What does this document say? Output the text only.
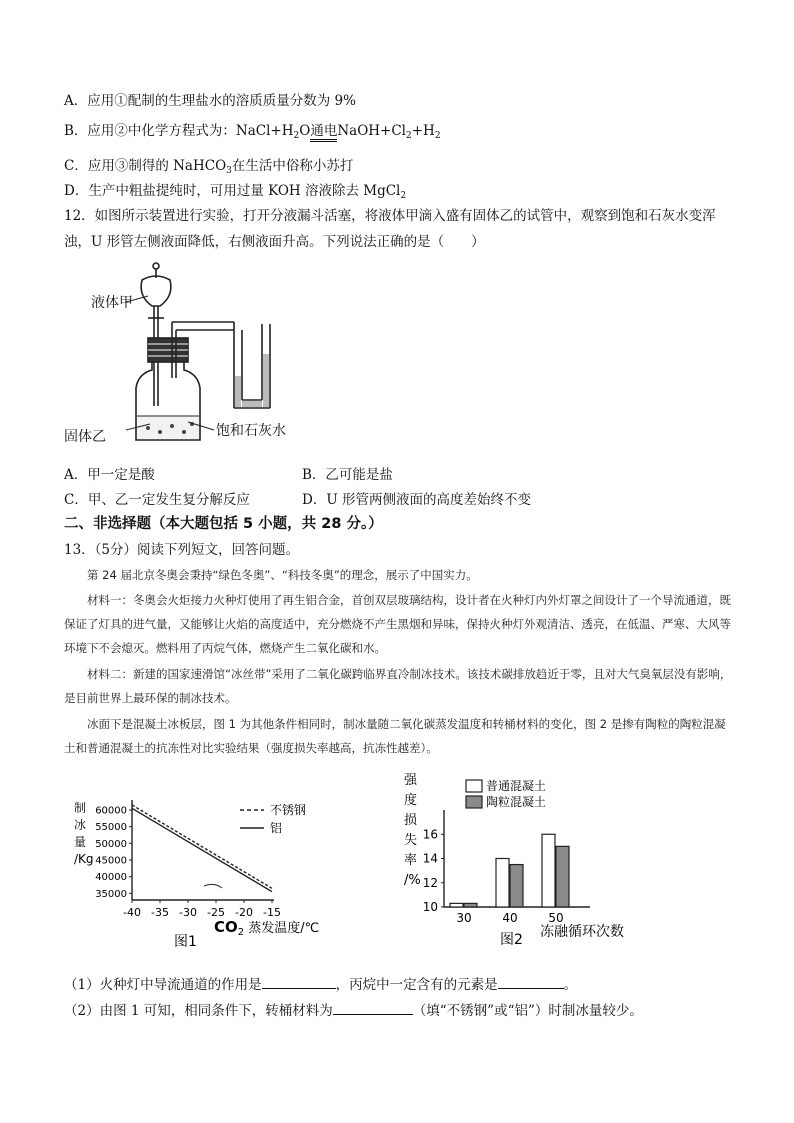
A．应用①配制的生理盐水的溶质质量分数为 9%
B．应用②中化学方程式为：$NaCl+H_2O$通电$NaOH+Cl_2+H_2$
C．应用③制得的 NaHCO$_3$在生活中俗称小苏打
D．生产中粗盐提纯时，可用过量 KOH 溶液除去 MgCl$_2$
12．如图所示装置进行实验，打开分液漏斗活塞，将液体甲滴入盛有固体乙的试管中，观察到饱和石灰水变浑
浊，U 形管左侧液面降低，右侧液面升高。下列说法正确的是（　　）
液体甲
固体乙	饱和石灰水
A．甲一定是酸	B．乙可能是盐
C．甲、乙一定发生复分解反应	D．U 形管两侧液面的高度差始终不变
二、非选择题（本大题包括 5 小题，共 28 分。）
13．（5分）阅读下列短文，回答问题。
第 24 届北京冬奥会秉持“绿色冬奥”、“科技冬奥”的理念，展示了中国实力。
材料一：冬奥会火炬接力火种灯使用了再生铝合金，首创双层玻璃结构，设计者在火种灯内外灯罩之间设计了一个导流通道，既保证了灯具的进气量，又能够让火焰的高度适中，充分燃烧不产生黑烟和异味，保持火种灯外观清洁、透亮，在低温、严寒、大风等环境下不会熄灭。燃料用了丙烷气体，燃烧产生二氧化碳和水。
材料二：新建的国家速滑馆“冰丝带”采用了二氧化碳跨临界直冷制冰技术。该技术碳排放趋近于零，且对大气臭氧层没有影响，是目前世界上最环保的制冰技术。
冰面下是混凝土冰板层，图 1 为其他条件相同时，制冰量随二氧化碳蒸发温度和转桶材料的变化，图 2 是掺有陶粒的陶粒混凝土和普通混凝土的抗冻性对比实验结果（强度损失率越高，抗冻性越差）。
制
冰
量
/Kg
35000
40000
45000
50000
55000
60000
-40 -35 -30 -25 -20 -15
不锈钢
铝
$CO_2$ 蒸发温度/℃
图1
强
度
损
失
率
/%
10
12
14
16
30	40	50
普通混凝土
陶粒混凝土
冻融循环次数
图2
（1）火种灯中导流通道的作用是	，丙烷中一定含有的元素是	。
（2）由图 1 可知，相同条件下，转桶材料为	（填“不锈钢”或“铝”）时制冰量较少。
